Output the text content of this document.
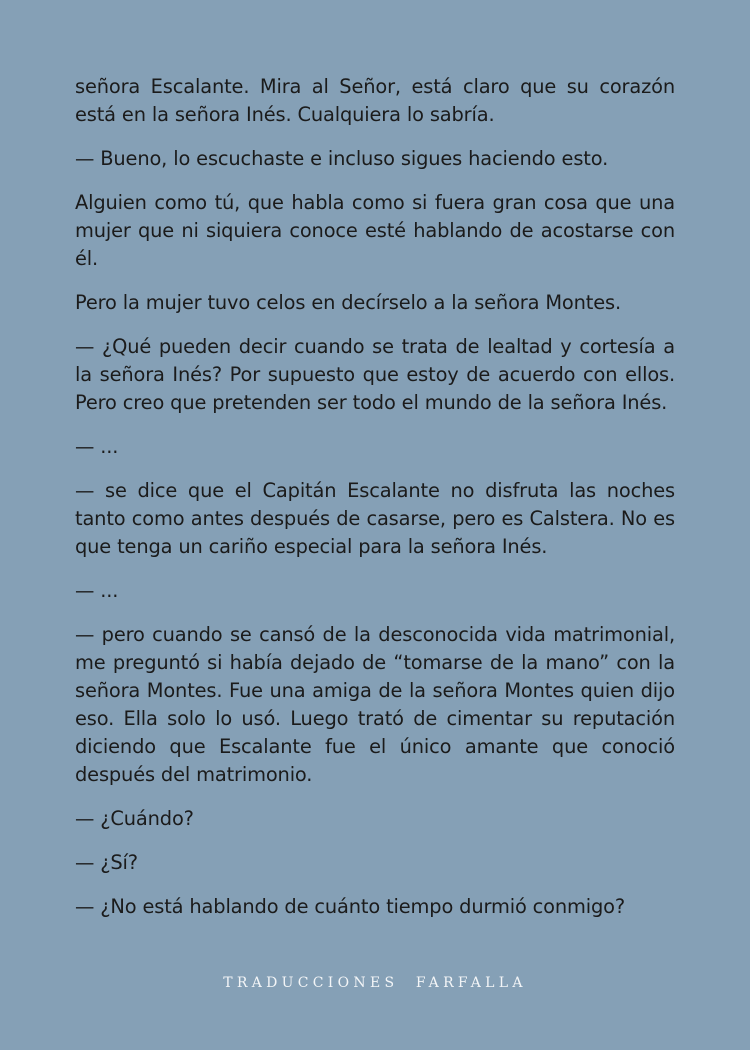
señora Escalante. Mira al Señor, está claro que su corazón está en la señora Inés. Cualquiera lo sabría.

— Bueno, lo escuchaste e incluso sigues haciendo esto.

Alguien como tú, que habla como si fuera gran cosa que una mujer que ni siquiera conoce esté hablando de acostarse con él.

Pero la mujer tuvo celos en decírselo a la señora Montes.

— ¿Qué pueden decir cuando se trata de lealtad y cortesía a la señora Inés? Por supuesto que estoy de acuerdo con ellos. Pero creo que pretenden ser todo el mundo de la señora Inés.

— ...

— se dice que el Capitán Escalante no disfruta las noches tanto como antes después de casarse, pero es Calstera. No es que tenga un cariño especial para la señora Inés.

— ...

— pero cuando se cansó de la desconocida vida matrimonial, me preguntó si había dejado de “tomarse de la mano” con la señora Montes. Fue una amiga de la señora Montes quien dijo eso. Ella solo lo usó. Luego trató de cimentar su reputación diciendo que Escalante fue el único amante que conoció después del matrimonio.

— ¿Cuándo?

— ¿Sí?

— ¿No está hablando de cuánto tiempo durmió conmigo?

TRADUCCIONES  FARFALLA
